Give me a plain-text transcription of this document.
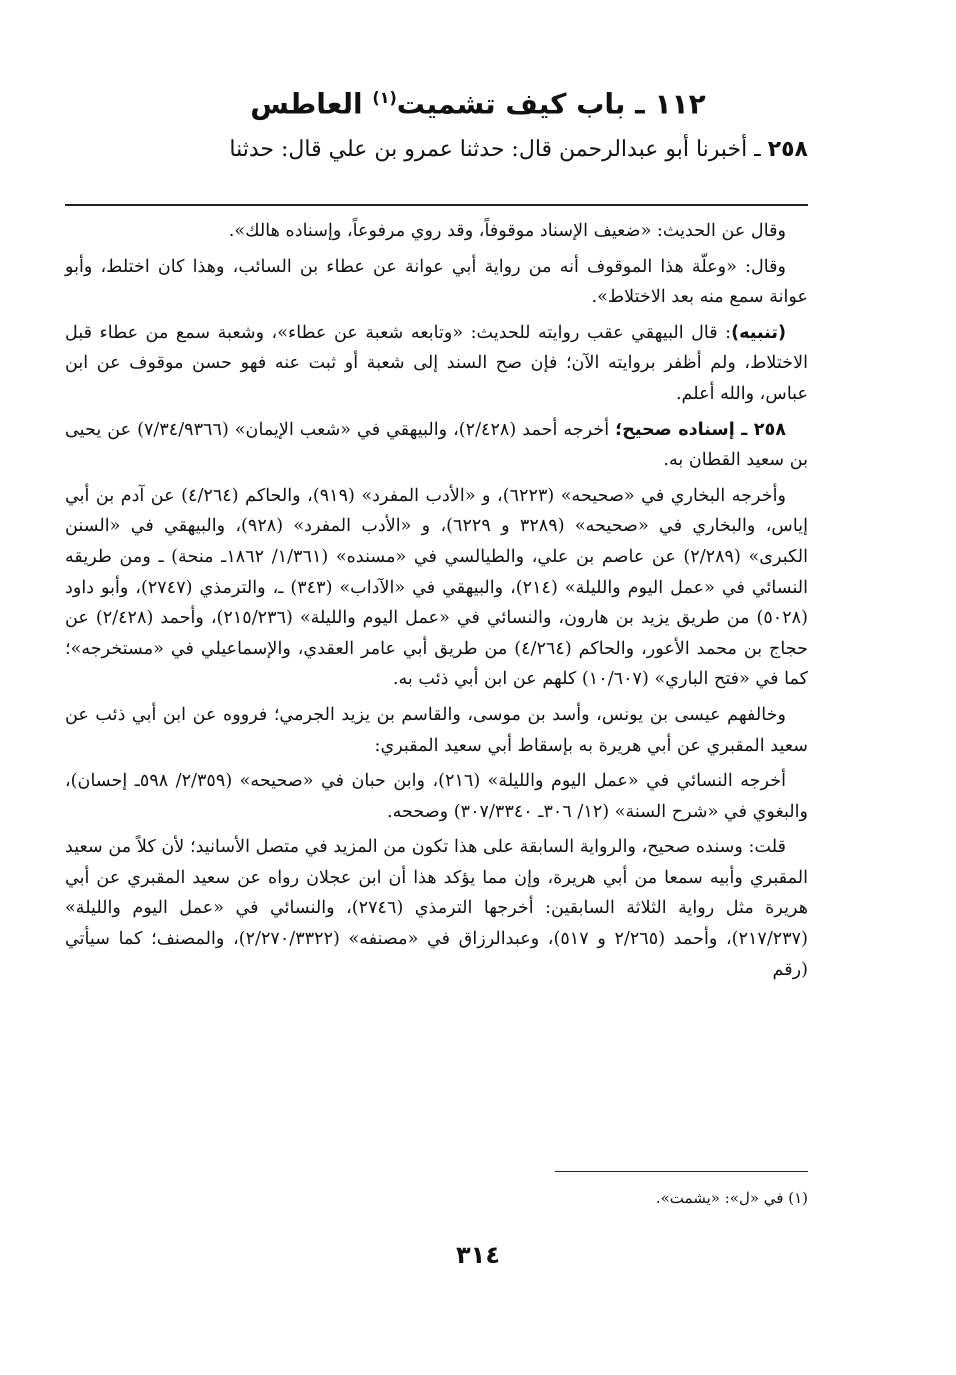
١١٢ ـ باب كيف تشميت$^{(١)}$ العاطس
٢٥٨ ـ أخبرنا أبو عبدالرحمن قال: حدثنا عمرو بن علي قال: حدثنا

وقال عن الحديث: «ضعيف الإسناد موقوفاً، وقد روي مرفوعاً، وإسناده هالك».

وقال: «وعلّة هذا الموقوف أنه من رواية أبي عوانة عن عطاء بن السائب، وهذا كان اختلط، وأبو عوانة سمع منه بعد الاختلاط».

(تنبيه): قال البيهقي عقب روايته للحديث: «وتابعه شعبة عن عطاء»، وشعبة سمع من عطاء قبل الاختلاط، ولم أظفر بروايته الآن؛ فإن صح السند إلى شعبة أو ثبت عنه فهو حسن موقوف عن ابن عباس، والله أعلم.

٢٥٨ ـ إسناده صحيح؛ أخرجه أحمد (٢/٤٢٨)، والبيهقي في «شعب الإيمان» (٧/٣٤/٩٣٦٦) عن يحيى بن سعيد القطان به.

وأخرجه البخاري في «صحيحه» (٦٢٢٣)، و «الأدب المفرد» (٩١٩)، والحاكم (٤/٢٦٤) عن آدم بن أبي إياس، والبخاري في «صحيحه» (٣٢٨٩ و ٦٢٢٩)، و «الأدب المفرد» (٩٢٨)، والبيهقي في «السنن الكبرى» (٢/٢٨٩) عن عاصم بن علي، والطيالسي في «مسنده» (١/٣٦١/ ١٨٦٢ـ منحة) ـ ومن طريقه النسائي في «عمل اليوم والليلة» (٢١٤)، والبيهقي في «الآداب» (٣٤٣) ـ، والترمذي (٢٧٤٧)، وأبو داود (٥٠٢٨) من طريق يزيد بن هارون، والنسائي في «عمل اليوم والليلة» (٢١٥/٢٣٦)، وأحمد (٢/٤٢٨) عن حجاج بن محمد الأعور، والحاكم (٤/٢٦٤) من طريق أبي عامر العقدي، والإسماعيلي في «مستخرجه»؛ كما في «فتح الباري» (١٠/٦٠٧) كلهم عن ابن أبي ذئب به.

وخالفهم عيسى بن يونس، وأسد بن موسى، والقاسم بن يزيد الجرمي؛ فرووه عن ابن أبي ذئب عن سعيد المقبري عن أبي هريرة به بإسقاط أبي سعيد المقبري:

أخرجه النسائي في «عمل اليوم والليلة» (٢١٦)، وابن حبان في «صحيحه» (٢/٣٥٩/ ٥٩٨ـ إحسان)، والبغوي في «شرح السنة» (١٢/ ٣٠٦ـ ٣٠٧/٣٣٤٠) وصححه.

قلت: وسنده صحيح، والرواية السابقة على هذا تكون من المزيد في متصل الأسانيد؛ لأن كلاً من سعيد المقبري وأبيه سمعا من أبي هريرة، وإن مما يؤكد هذا أن ابن عجلان رواه عن سعيد المقبري عن أبي هريرة مثل رواية الثلاثة السابقين: أخرجها الترمذي (٢٧٤٦)، والنسائي في «عمل اليوم والليلة» (٢١٧/٢٣٧)، وأحمد (٢/٢٦٥ و ٥١٧)، وعبدالرزاق في «مصنفه» (٢/٢٧٠/٣٣٢٢)، والمصنف؛ كما سيأتي (رقم

(١) في «ل»: «يشمت».
٣١٤
